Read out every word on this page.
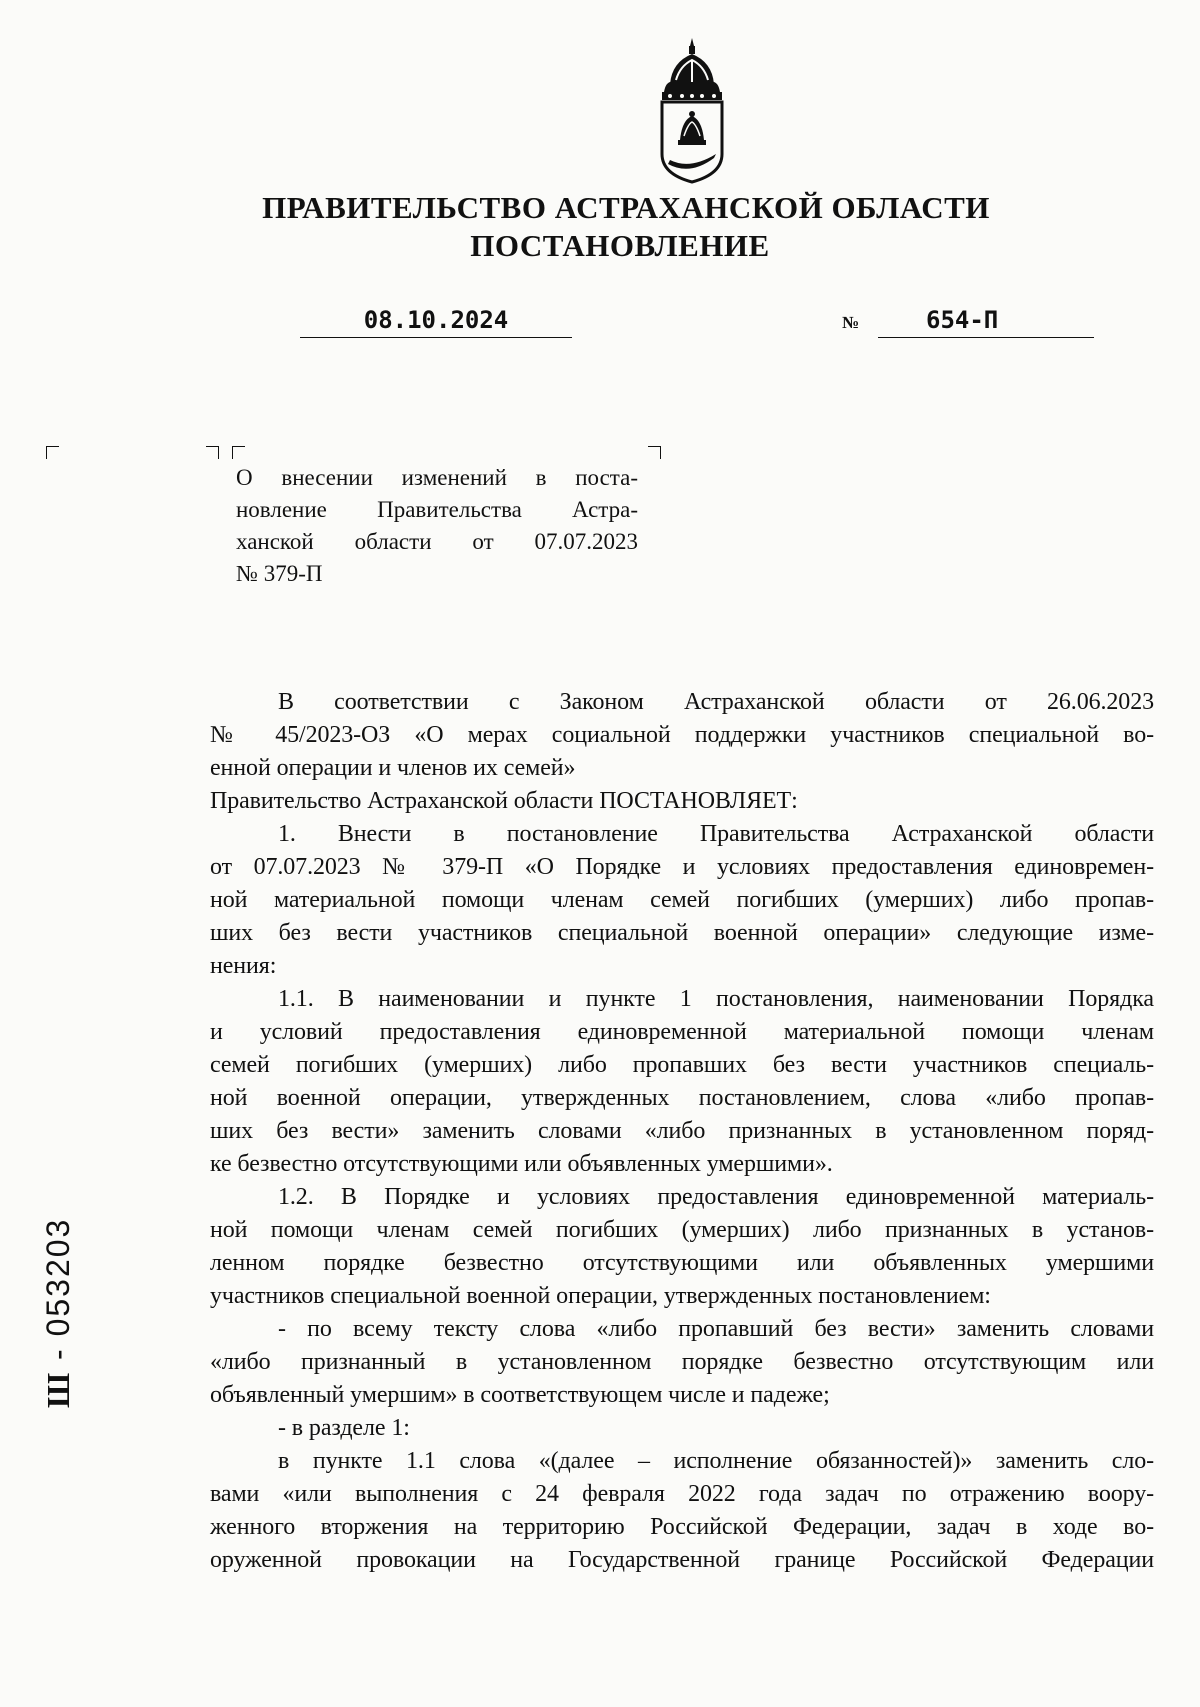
ПРАВИТЕЛЬСТВО АСТРАХАНСКОЙ ОБЛАСТИ
ПОСТАНОВЛЕНИЕ
08.10.2024	№	654-П

О внесении изменений в поста-

новление Правительства Астра-

ханской области от 07.07.2023

№ 379-П

В соответствии с Законом Астраханской области от 26.06.2023

№ 45/2023-ОЗ «О мерах социальной поддержки участников специальной во-

енной операции и членов их семей»

Правительство Астраханской области ПОСТАНОВЛЯЕТ:

1. Внести в постановление Правительства Астраханской области

от 07.07.2023 № 379-П «О Порядке и условиях предоставления единовремен-

ной материальной помощи членам семей погибших (умерших) либо пропав-

ших без вести участников специальной военной операции» следующие изме-

нения:

1.1. В наименовании и пункте 1 постановления, наименовании Порядка

и условий предоставления единовременной материальной помощи членам

семей погибших (умерших) либо пропавших без вести участников специаль-

ной военной операции, утвержденных постановлением, слова «либо пропав-

ших без вести» заменить словами «либо признанных в установленном поряд-

ке безвестно отсутствующими или объявленных умершими».

1.2. В Порядке и условиях предоставления единовременной материаль-

ной помощи членам семей погибших (умерших) либо признанных в установ-

ленном порядке безвестно отсутствующими или объявленных умершими

участников специальной военной операции, утвержденных постановлением:

- по всему тексту слова «либо пропавший без вести» заменить словами

«либо признанный в установленном порядке безвестно отсутствующим или

объявленный умершим» в соответствующем числе и падеже;

- в разделе 1:

в пункте 1.1 слова «(далее – исполнение обязанностей)» заменить сло-

вами «или выполнения с 24 февраля 2022 года задач по отражению воору-

женного вторжения на территорию Российской Федерации, задач в ходе во-

оруженной провокации на Государственной границе Российской Федерации

Ш - 053203
